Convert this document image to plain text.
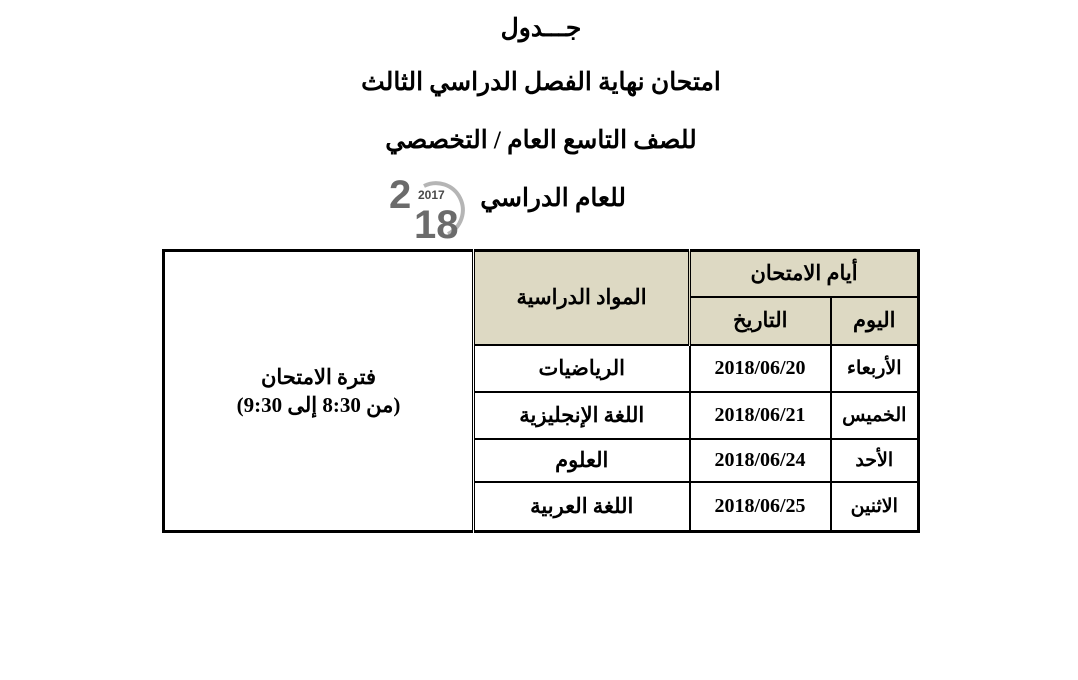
جـــدول

امتحان نهاية الفصل الدراسي الثالث

للصف التاسع العام / التخصصي

للعام الدراسي
2 2017
18
فترة الامتحان
(من 8:30 إلى 9:30)	المواد الدراسية	أيام الامتحان	
		التاريخ	اليوم
	الرياضيات	2018/06/20	الأربعاء
	اللغة الإنجليزية	2018/06/21	الخميس
	العلوم	2018/06/24	الأحد
	اللغة العربية	2018/06/25	الاثنين
